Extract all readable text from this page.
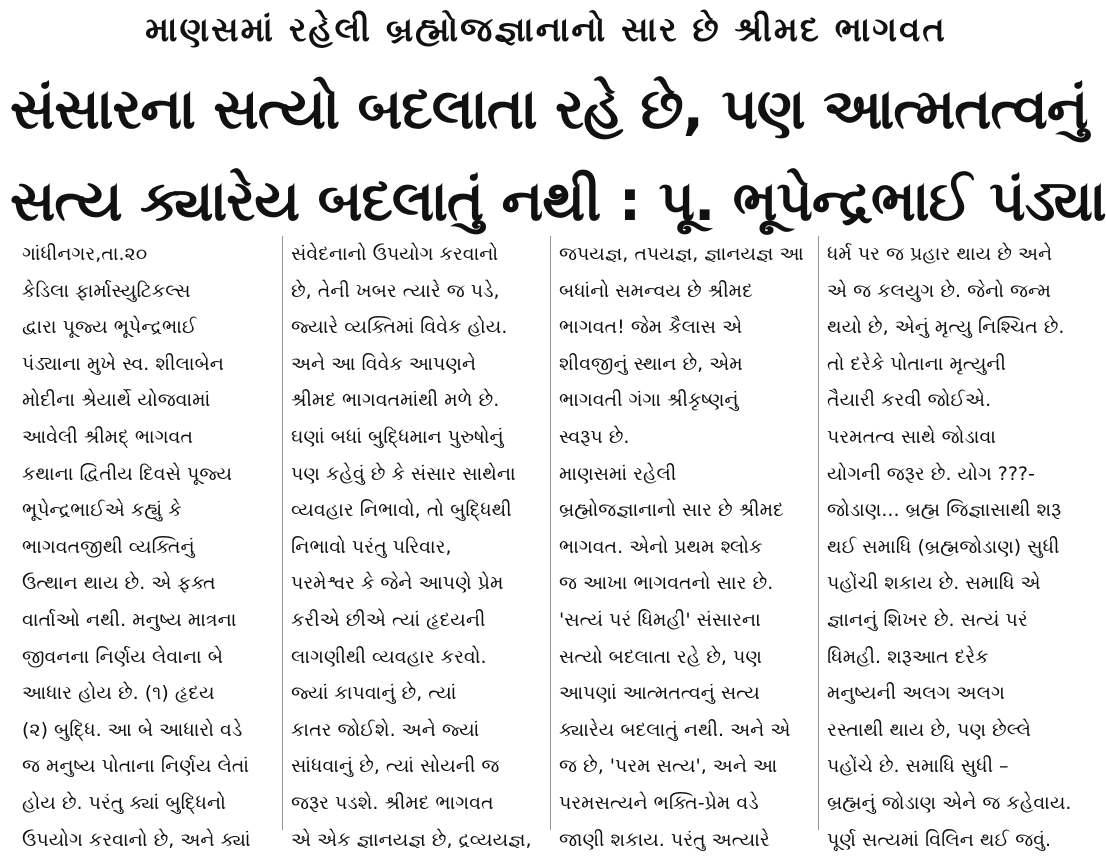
માણસમાં રહેલી બ્રહ્મોજજ્ઞાનાનો સાર છે શ્રીમદ ભાગવત
સંસારના સત્યો બદલાતા રહે છે, પણ આત્મતત્વનું
સત્ય ક્યારેય બદલાતું નથી : પૂ. ભૂપેન્દ્રભાઈ પંડ્યા

ગાંધીનગર,તા.૨૦
કેડિલા ફાર્માસ્યુટિકલ્સ
દ્વારા પૂજ્ય ભૂપેન્દ્રભાઈ
પંડ્યાના મુખે સ્વ. શીલાબેન
મોદીના શ્રેયાર્થે યોજવામાં
આવેલી શ્રીમદ્ ભાગવત
કથાના દ્વિતીય દિવસે પૂજ્ય
ભૂપેન્દ્રભાઈએ કહ્યું કે
ભાગવતજીથી વ્યક્તિનું
ઉત્થાન થાય છે. એ ફક્ત
વાર્તાઓ નથી. મનુષ્ય માત્રના
જીવનના નિર્ણય લેવાના બે
આધાર હોય છે. (૧) હૃદય
(૨) બુદ્ધિ. આ બે આધારો વડે
જ મનુષ્ય પોતાના નિર્ણય લેતાં
હોય છે. પરંતુ ક્યાં બુદ્ધિનો
ઉપયોગ કરવાનો છે, અને ક્યાં

સંવેદનાનો ઉપયોગ કરવાનો
છે, તેની ખબર ત્યારે જ પડે,
જ્યારે વ્યક્તિમાં વિવેક હોય.
અને આ વિવેક આપણને
શ્રીમદ ભાગવતમાંથી મળે છે.
ઘણાં બધાં બુદ્ધિમાન પુરુષોનું
પણ કહેવું છે કે સંસાર સાથેના
વ્યવહાર નિભાવો, તો બુદ્ધિથી
નિભાવો પરંતુ પરિવાર,
પરમેશ્વર કે જેને આપણે પ્રેમ
કરીએ છીએ ત્યાં હૃદયની
લાગણીથી વ્યવહાર કરવો.
જ્યાં કાપવાનું છે, ત્યાં
કાતર જોઈશે. અને જ્યાં
સાંધવાનું છે, ત્યાં સોયની જ
જરૂર પડશે. શ્રીમદ ભાગવત
એ એક જ્ઞાનયજ્ઞ છે, દ્રવ્યયજ્ઞ,

જપયજ્ઞ, તપયજ્ઞ, જ્ઞાનયજ્ઞ આ
બધાંનો સમન્વય છે શ્રીમદ
ભાગવત! જેમ કૈલાસ એ
શીવજીનું સ્થાન છે, એમ
ભાગવતી ગંગા શ્રીકૃષ્ણનું
સ્વરૂપ છે.
માણસમાં રહેલી
બ્રહ્મોજજ્ઞાનાનો સાર છે શ્રીમદ
ભાગવત. એનો પ્રથમ શ્લોક
જ આખા ભાગવતનો સાર છે.
'સત્યં પરં ધિમહી' સંસારના
સત્યો બદલાતા રહે છે, પણ
આપણાં આત્મતત્વનું સત્ય
ક્યારેય બદલાતું નથી. અને એ
જ છે, 'પરમ સત્ય', અને આ
પરમસત્યને ભક્તિ-પ્રેમ વડે
જાણી શકાય. પરંતુ અત્યારે

ધર્મ પર જ પ્રહાર થાય છે અને
એ જ કલયુગ છે. જેનો જન્મ
થયો છે, એનું મૃત્યુ નિશ્ચિત છે.
તો દરેકે પોતાના મૃત્યુની
તૈયારી કરવી જોઈએ.
પરમતત્વ સાથે જોડાવા
યોગની જરૂર છે. યોગ ???-
જોડાણ... બ્રહ્મ જિજ્ઞાસાથી શરૂ
થઈ સમાધિ (બ્રહ્મજોડાણ) સુધી
પહોંચી શકાય છે. સમાધિ એ
જ્ઞાનનું શિખર છે. સત્યં પરં
ધિમહી. શરૂઆત દરેક
મનુષ્યની અલગ અલગ
રસ્તાથી થાય છે, પણ છેલ્લે
પહોંચે છે. સમાધિ સુધી –
બ્રહ્મનું જોડાણ એને જ કહેવાય.
પૂર્ણ સત્યમાં વિલિન થઈ જવું.
